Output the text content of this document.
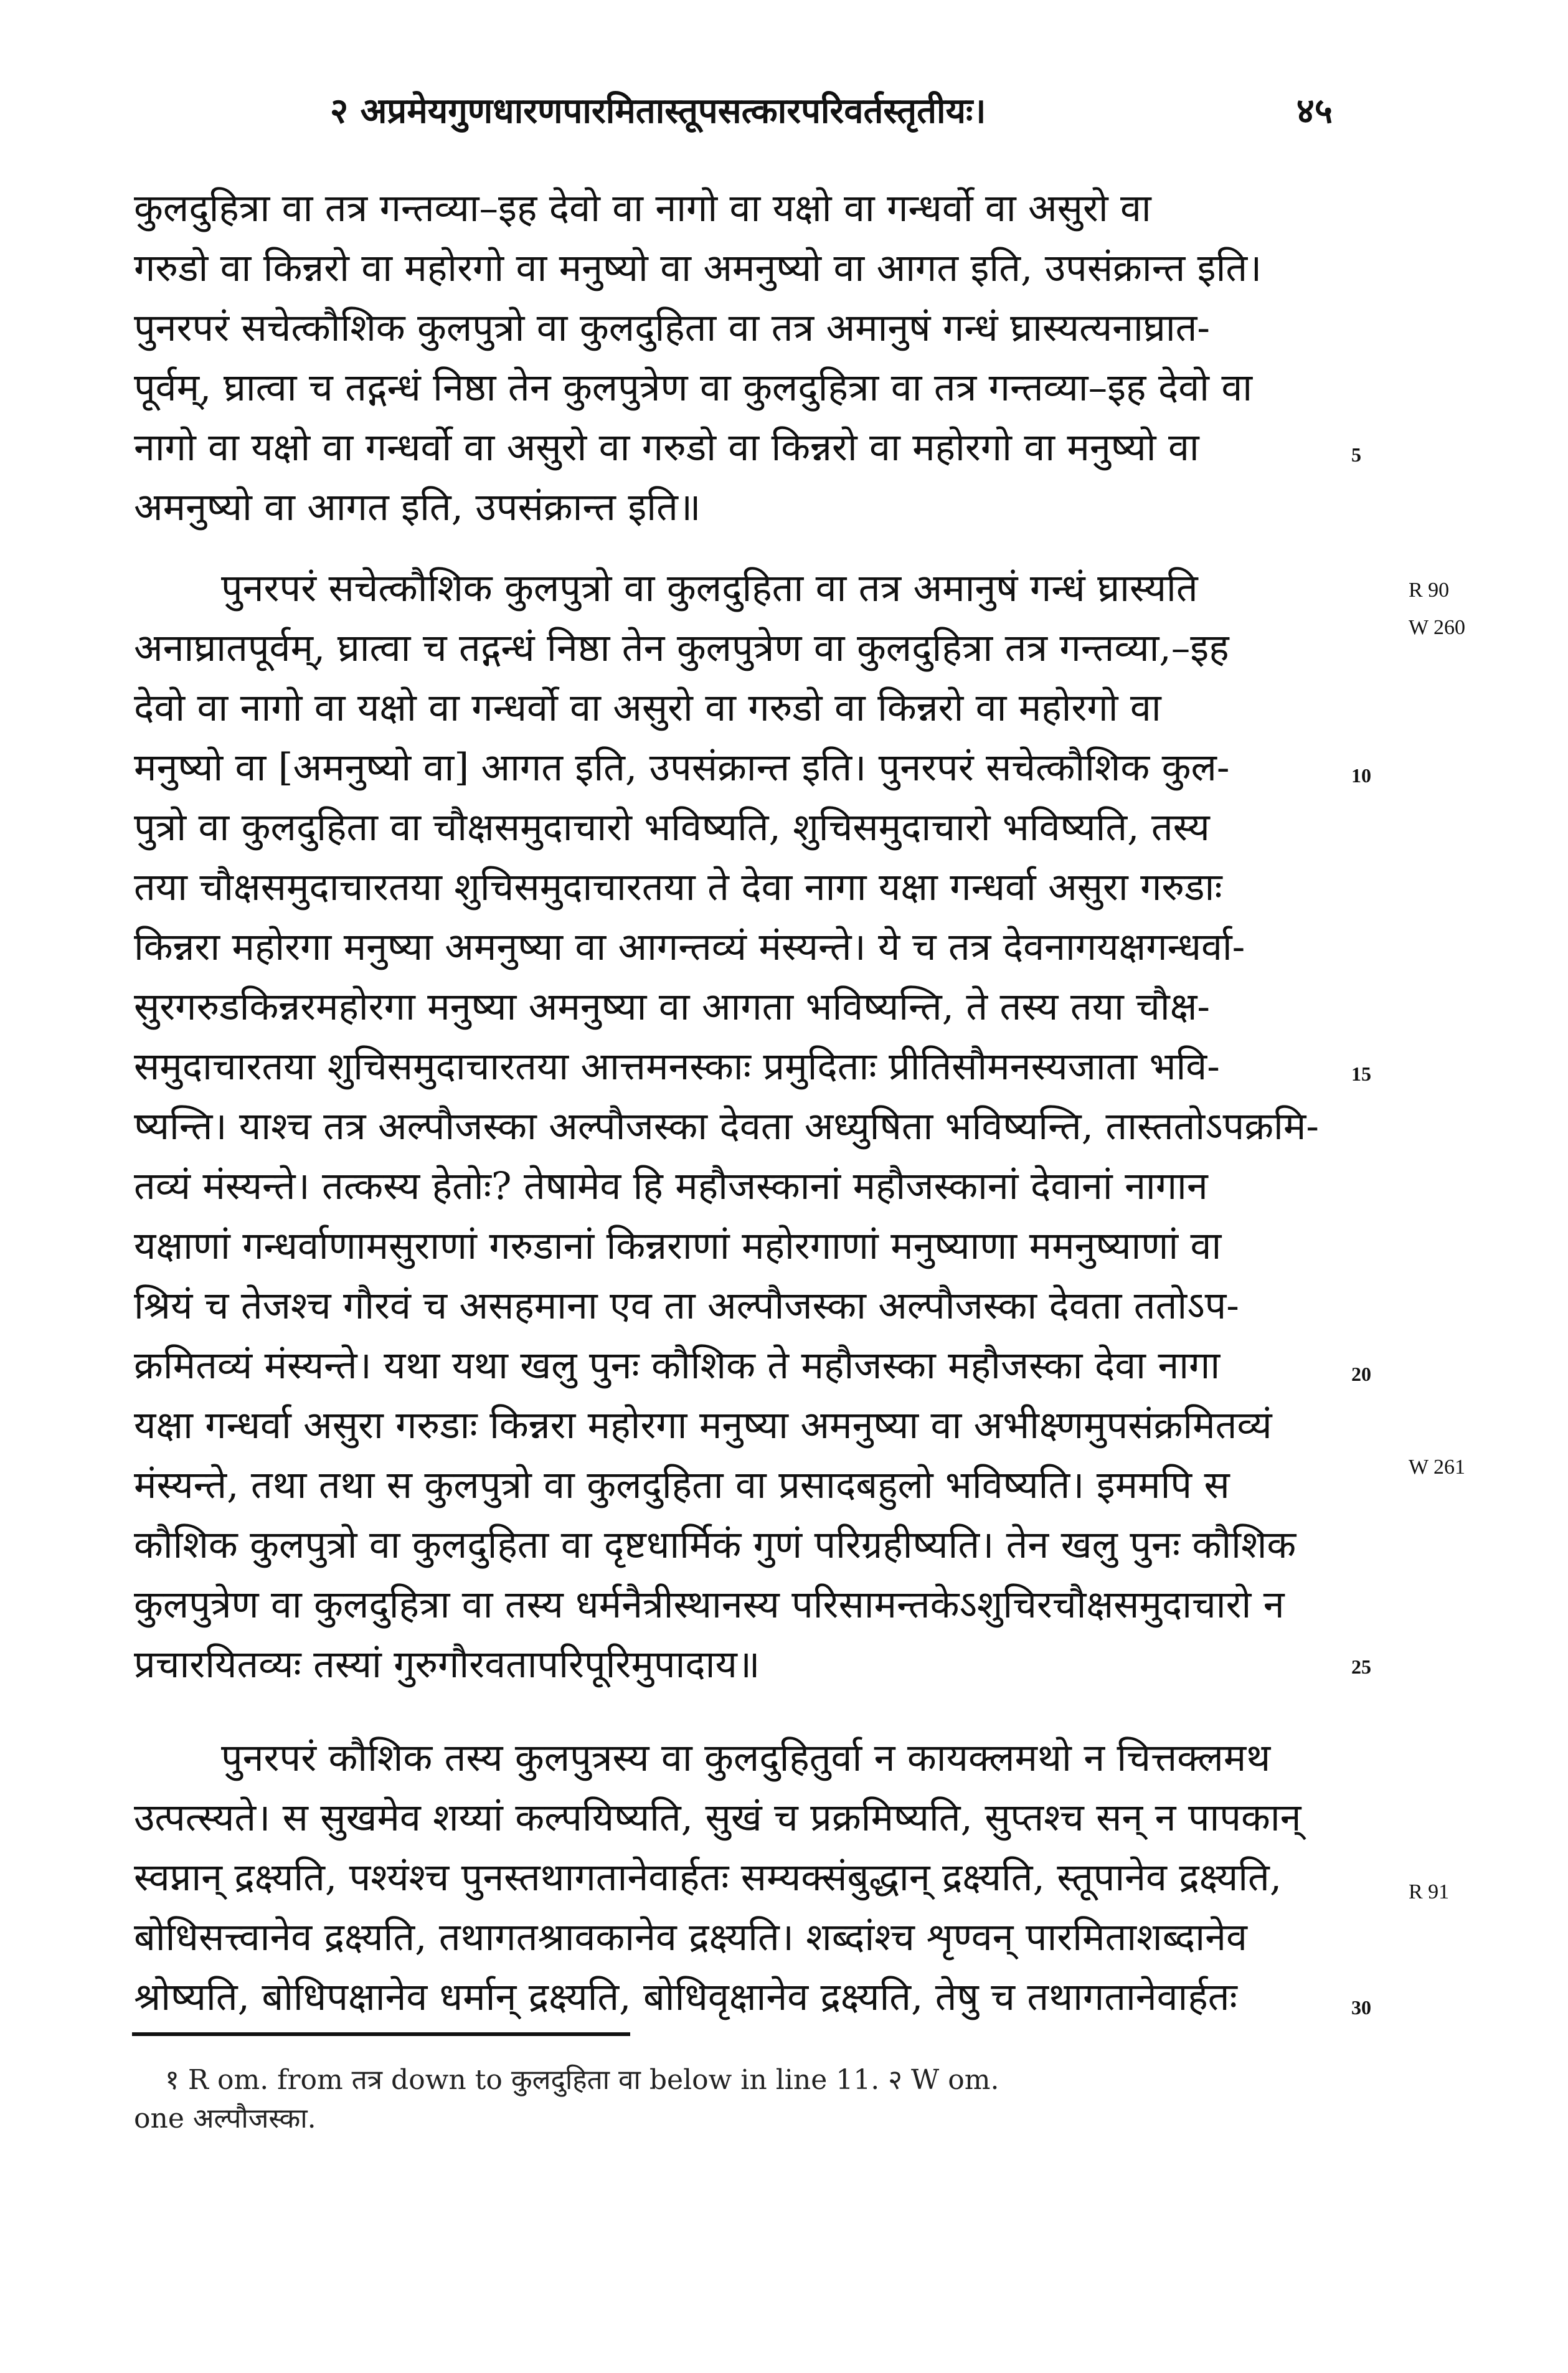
२ अप्रमेयगुणधारणपारमितास्तूपसत्कारपरिवर्तस्तृतीयः।	४५
कुलदुहित्रा वा तत्र गन्तव्या–इह देवो वा नागो वा यक्षो वा गन्धर्वो वा असुरो वा
गरुडो वा किन्नरो वा महोरगो वा मनुष्यो वा अमनुष्यो वा आगत इति, उपसंक्रान्त इति।
पुनरपरं सचेत्कौशिक कुलपुत्रो वा कुलदुहिता वा तत्र अमानुषं गन्धं घ्रास्यत्यनाघ्रात-
पूर्वम्, घ्रात्वा च तद्गन्धं निष्ठा तेन कुलपुत्रेण वा कुलदुहित्रा वा तत्र गन्तव्या–इह देवो वा
नागो वा यक्षो वा गन्धर्वो वा असुरो वा गरुडो वा किन्नरो वा महोरगो वा मनुष्यो वा
अमनुष्यो वा आगत इति, उपसंक्रान्त इति॥
पुनरपरं सचेत्कौशिक कुलपुत्रो वा कुलदुहिता वा तत्र अमानुषं गन्धं घ्रास्यति
अनाघ्रातपूर्वम्, घ्रात्वा च तद्गन्धं निष्ठा तेन कुलपुत्रेण वा कुलदुहित्रा तत्र गन्तव्या,–इह
देवो वा नागो वा यक्षो वा गन्धर्वो वा असुरो वा गरुडो वा किन्नरो वा महोरगो वा
मनुष्यो वा [अमनुष्यो वा] आगत इति, उपसंक्रान्त इति। पुनरपरं सचेत्कौशिक कुल-
पुत्रो वा कुलदुहिता वा चौक्षसमुदाचारो भविष्यति, शुचिसमुदाचारो भविष्यति, तस्य
तया चौक्षसमुदाचारतया शुचिसमुदाचारतया ते देवा नागा यक्षा गन्धर्वा असुरा गरुडाः
किन्नरा महोरगा मनुष्या अमनुष्या वा आगन्तव्यं मंस्यन्ते। ये च तत्र देवनागयक्षगन्धर्वा-
सुरगरुडकिन्नरमहोरगा मनुष्या अमनुष्या वा आगता भविष्यन्ति, ते तस्य तया चौक्ष-
समुदाचारतया शुचिसमुदाचारतया आत्तमनस्काः प्रमुदिताः प्रीतिसौमनस्यजाता भवि-
ष्यन्ति। याश्च तत्र अल्पौजस्का अल्पौजस्का देवता अध्युषिता भविष्यन्ति, तास्ततोऽपक्रमि-
तव्यं मंस्यन्ते। तत्कस्य हेतोः? तेषामेव हि महौजस्कानां महौजस्कानां देवानां नागान
यक्षाणां गन्धर्वाणामसुराणां गरुडानां किन्नराणां महोरगाणां मनुष्याणा ममनुष्याणां वा
श्रियं च तेजश्च गौरवं च असहमाना एव ता अल्पौजस्का अल्पौजस्का देवता ततोऽप-
क्रमितव्यं मंस्यन्ते। यथा यथा खलु पुनः कौशिक ते महौजस्का महौजस्का देवा नागा
यक्षा गन्धर्वा असुरा गरुडाः किन्नरा महोरगा मनुष्या अमनुष्या वा अभीक्ष्णमुपसंक्रमितव्यं
मंस्यन्ते, तथा तथा स कुलपुत्रो वा कुलदुहिता वा प्रसादबहुलो भविष्यति। इममपि स
कौशिक कुलपुत्रो वा कुलदुहिता वा दृष्टधार्मिकं गुणं परिग्रहीष्यति। तेन खलु पुनः कौशिक
कुलपुत्रेण वा कुलदुहित्रा वा तस्य धर्मनैत्रीस्थानस्य परिसामन्तकेऽशुचिरचौक्षसमुदाचारो न
प्रचारयितव्यः तस्यां गुरुगौरवतापरिपूरिमुपादाय॥
पुनरपरं कौशिक तस्य कुलपुत्रस्य वा कुलदुहितुर्वा न कायक्लमथो न चित्तक्लमथ
उत्पत्स्यते। स सुखमेव शय्यां कल्पयिष्यति, सुखं च प्रक्रमिष्यति, सुप्तश्च सन् न पापकान्
स्वप्नान् द्रक्ष्यति, पश्यंश्च पुनस्तथागतानेवार्हतः सम्यक्संबुद्धान् द्रक्ष्यति, स्तूपानेव द्रक्ष्यति,
बोधिसत्त्वानेव द्रक्ष्यति, तथागतश्रावकानेव द्रक्ष्यति। शब्दांश्च शृण्वन् पारमिताशब्दानेव
श्रोष्यति, बोधिपक्षानेव धर्मान् द्रक्ष्यति, बोधिवृक्षानेव द्रक्ष्यति, तेषु च तथागतानेवार्हतः
5
10
15
20
25
30
R 90
W 260
W 261
R 91
१ R om. from तत्र down to कुलदुहिता वा below in line 11. २ W om.
one अल्पौजस्का.
